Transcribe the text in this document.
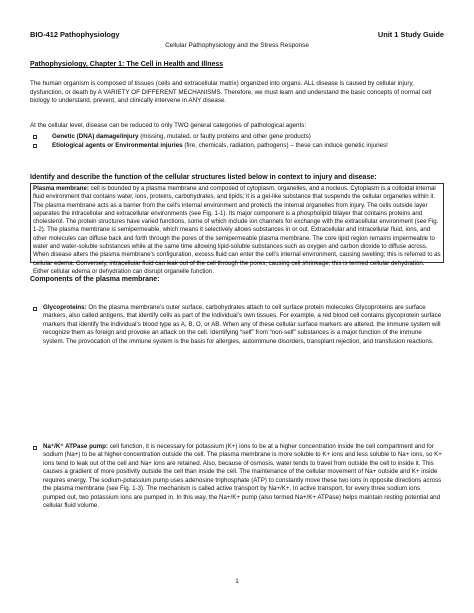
BIO-412 Pathophysiology	Unit 1 Study Guide
Cellular Pathophysiology and the Stress Response
Pathophysiology, Chapter 1: The Cell in Health and Illness

The human organism is composed of tissues (cells and extracellular matrix) organized into organs. ALL disease is caused by cellular injury, dysfunction, or death by A VARIETY OF DIFFERENT MECHANISMS. Therefore, we must learn and understand the basic concepts of normal cell biology to understand, prevent, and clinically intervene in ANY disease.

At the cellular level, disease can be reduced to only TWO general categories of pathological agents:

Genetic (DNA) damage/injury (missing, mutated, or faulty proteins and other gene products)
Etiological agents or Environmental injuries (fire, chemicals, radiation, pathogens) – these can induce genetic injuries!
Identify and describe the function of the cellular structures listed below in context to injury and disease:

Plasma membrane: cell is bounded by a plasma membrane and composed of cytoplasm, organelles, and a nucleus. Cytoplasm is a colloidal internal fluid environment that contains water, ions, proteins, carbohydrates, and lipids; it is a gel-like substance that suspends the cellular organelles within it. The plasma membrane acts as a barrier from the cell’s internal environment and protects the internal organelles from injury. The cells outside layer separates the intracellular and extracellular environments (see Fig. 1-1). Its major component is a phospholipid bilayer that contains proteins and cholesterol. The protein structures have varied functions, some of which include ion channels for exchange with the extracellular environment (see Fig. 1-2). The plasma membrane is semipermeable, which means it selectively allows substances in or out. Extracellular and intracellular fluid, ions, and other molecules can diffuse back and forth through the pores of the semipermeable plasma membrane. The core lipid region remains impermeable to water and water-soluble substances while at the same time allowing lipid-soluble substances such as oxygen and carbon dioxide to diffuse across. When disease alters the plasma membrane’s configuration, excess fluid can enter the cell’s internal environment, causing swelling; this is referred to as cellular edema. Conversely, intracellular fluid can leak out of the cell through the pores, causing cell shrinkage; this is termed cellular dehydration. Either cellular edema or dehydration can disrupt organelle function.

Components of the plasma membrane:
Glycoproteins: On the plasma membrane’s outer surface, carbohydrates attach to cell surface protein molecules Glycoproteins are surface markers, also called antigens, that identify cells as part of the individual’s own tissues. For example, a red blood cell contains glycoprotein surface markers that identify the individual’s blood type as A, B, O, or AB. When any of these cellular surface markers are altered, the immune system will recognize them as foreign and provoke an attack on the cell. Identifying “self” from “non-self” substances is a major function of the immune system. The provocation of the immune system is the basis for allergies, autoimmune disorders, transplant rejection, and transfusion reactions.
Na⁺/K⁺ ATPase pump: cell function, it is necessary for potassium (K+) ions to be at a higher concentration inside the cell compartment and for sodium (Na+) to be at higher concentration outside the cell. The plasma membrane is more soluble to K+ ions and less soluble to Na+ ions, so K+ ions tend to leak out of the cell and Na+ ions are retained. Also, because of osmosis, water tends to travel from outside the cell to inside it. This causes a gradient of more positivity outside the cell than inside the cell. The maintenance of the cellular movement of Na+ outside and K+ inside requires energy. The sodium-potassium pump uses adenosine triphosphate (ATP) to constantly move these two ions in opposite directions across the plasma membrane (see Fig. 1-3). The mechanism is called active transport by Na+/K+. In active transport, for every three sodium ions pumped out, two potassium ions are pumped in. In this way, the Na+/K+ pump (also termed Na+/K+ ATPase) helps maintain resting potential and cellular fluid volume.
1
